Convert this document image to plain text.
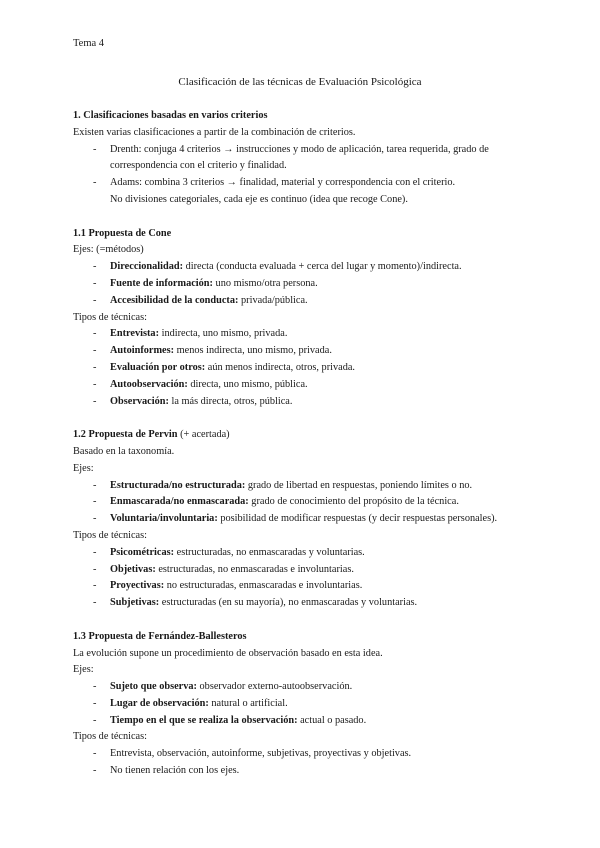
Tema 4
Clasificación de las técnicas de Evaluación Psicológica

1. Clasificaciones basadas en varios criterios

Existen varias clasificaciones a partir de la combinación de criterios.

- Drenth: conjuga 4 criterios → instrucciones y modo de aplicación, tarea requerida, grado de
correspondencia con el criterio y finalidad.
- Adams: combina 3 criterios → finalidad, material y correspondencia con el criterio.
No divisiones categoriales, cada eje es continuo (idea que recoge Cone).

1.1 Propuesta de Cone

Ejes: (=métodos)

- Direccionalidad: directa (conducta evaluada + cerca del lugar y momento)/indirecta.
- Fuente de información: uno mismo/otra persona.
- Accesibilidad de la conducta: privada/pública.

Tipos de técnicas:

- Entrevista: indirecta, uno mismo, privada.
- Autoinformes: menos indirecta, uno mismo, privada.
- Evaluación por otros: aún menos indirecta, otros, privada.
- Autoobservación: directa, uno mismo, pública.
- Observación: la más directa, otros, pública.

1.2 Propuesta de Pervin (+ acertada)

Basado en la taxonomía.

Ejes:

- Estructurada/no estructurada: grado de libertad en respuestas, poniendo límites o no.
- Enmascarada/no enmascarada: grado de conocimiento del propósito de la técnica.
- Voluntaria/involuntaria: posibilidad de modificar respuestas (y decir respuestas personales).

Tipos de técnicas:

- Psicométricas: estructuradas, no enmascaradas y voluntarias.
- Objetivas: estructuradas, no enmascaradas e involuntarias.
- Proyectivas: no estructuradas, enmascaradas e involuntarias.
- Subjetivas: estructuradas (en su mayoría), no enmascaradas y voluntarias.

1.3 Propuesta de Fernández-Ballesteros

La evolución supone un procedimiento de observación basado en esta idea.

Ejes:

- Sujeto que observa: observador externo-autoobservación.
- Lugar de observación: natural o artificial.
- Tiempo en el que se realiza la observación: actual o pasado.

Tipos de técnicas:

- Entrevista, observación, autoinforme, subjetivas, proyectivas y objetivas.
- No tienen relación con los ejes.
